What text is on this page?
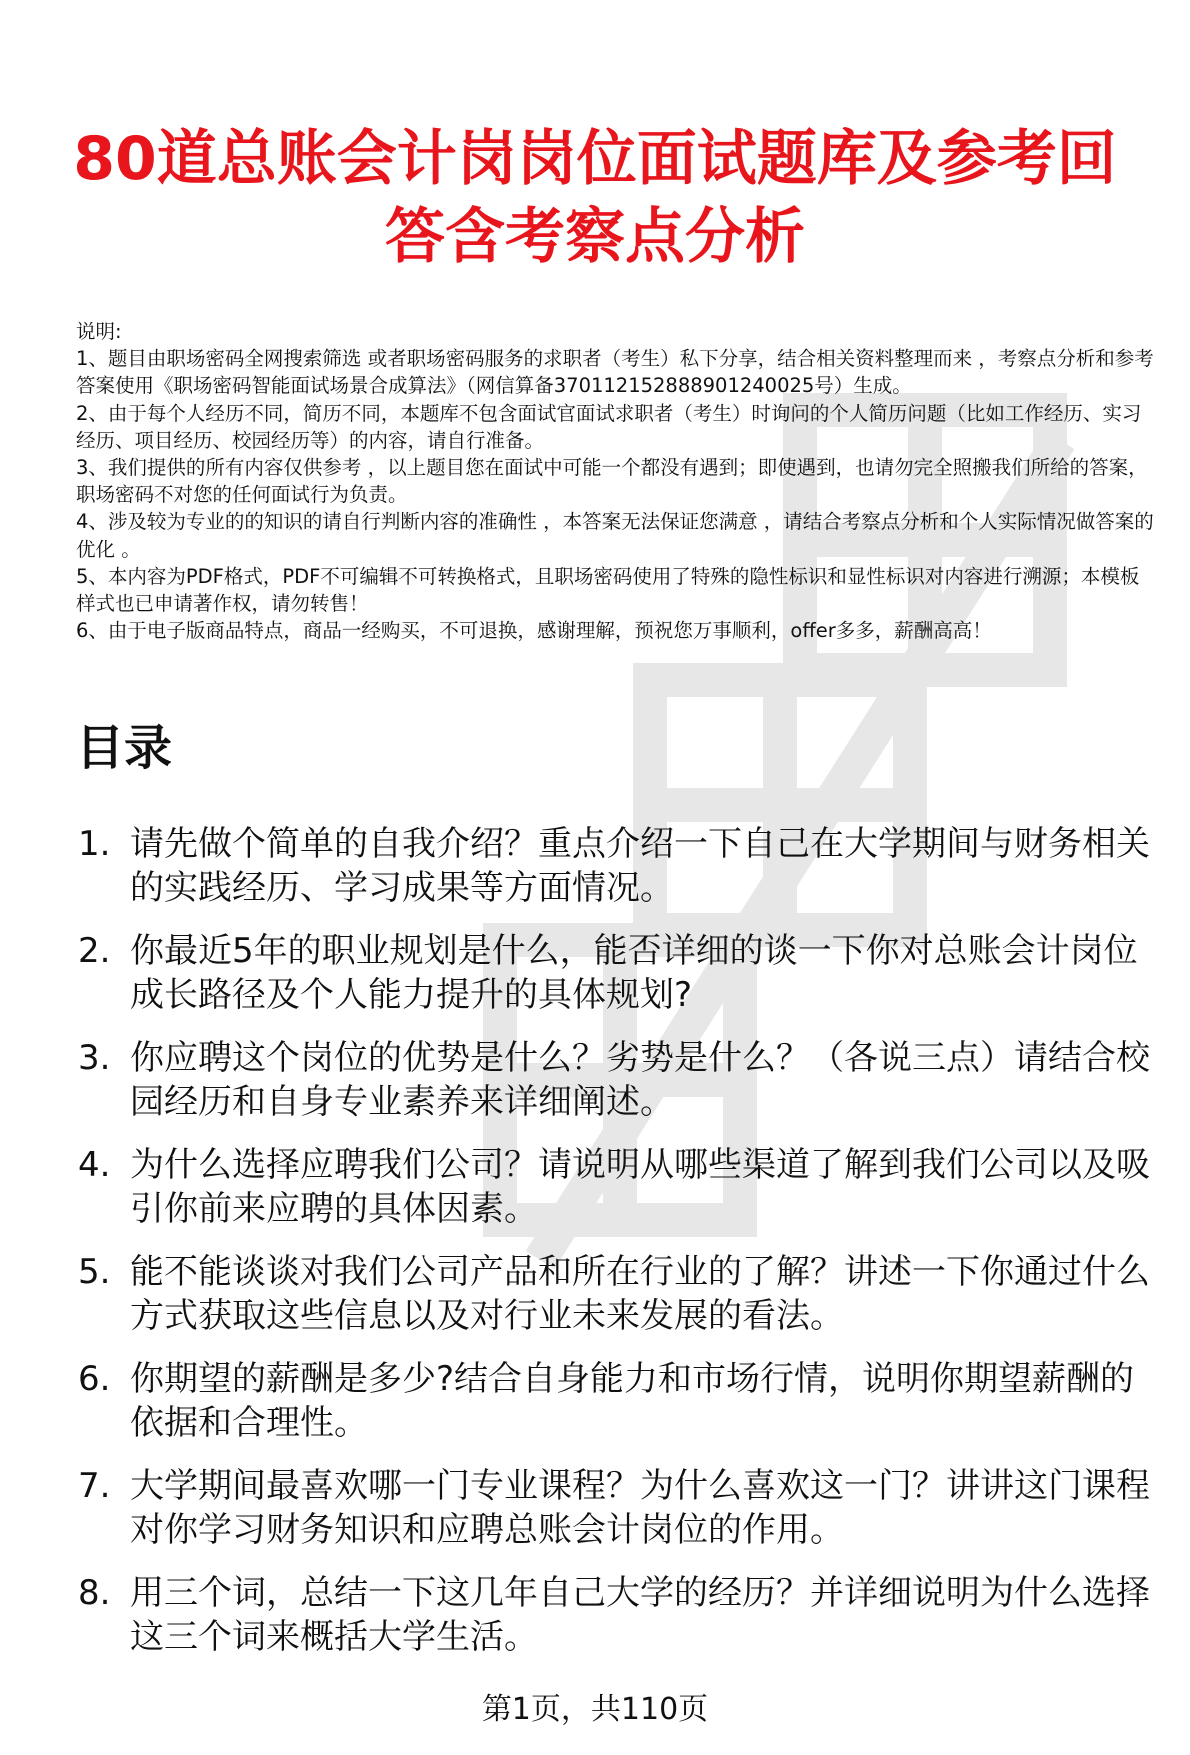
80道总账会计岗岗位面试题库及参考回答含考察点分析

说明:

1、题目由职场密码全网搜索筛选 或者职场密码服务的求职者（考生）私下分享，结合相关资料整理而来 ，考察点分析和参考答案使用《职场密码智能面试场景合成算法》（网信算备370112152888901240025号）生成。

2、由于每个人经历不同，简历不同，本题库不包含面试官面试求职者（考生）时询问的个人简历问题（比如工作经历、实习经历、项目经历、校园经历等）的内容，请自行准备。

3、我们提供的所有内容仅供参考 ，以上题目您在面试中可能一个都没有遇到；即使遇到，也请勿完全照搬我们所给的答案，职场密码不对您的任何面试行为负责。

4、涉及较为专业的的知识的请自行判断内容的准确性 ，本答案无法保证您满意 ，请结合考察点分析和个人实际情况做答案的优化 。

5、本内容为PDF格式，PDF不可编辑不可转换格式，且职场密码使用了特殊的隐性标识和显性标识对内容进行溯源；本模板样式也已申请著作权，请勿转售！

6、由于电子版商品特点，商品一经购买，不可退换，感谢理解，预祝您万事顺利，offer多多，薪酬高高！

目录
1. 请先做个简单的自我介绍？重点介绍一下自己在大学期间与财务相关的实践经历、学习成果等方面情况。
2. 你最近5年的职业规划是什么，能否详细的谈一下你对总账会计岗位成长路径及个人能力提升的具体规划?
3. 你应聘这个岗位的优势是什么？劣势是什么？（各说三点）请结合校园经历和自身专业素养来详细阐述。
4. 为什么选择应聘我们公司？请说明从哪些渠道了解到我们公司以及吸引你前来应聘的具体因素。
5. 能不能谈谈对我们公司产品和所在行业的了解？讲述一下你通过什么方式获取这些信息以及对行业未来发展的看法。
6. 你期望的薪酬是多少?结合自身能力和市场行情，说明你期望薪酬的依据和合理性。
7. 大学期间最喜欢哪一门专业课程？为什么喜欢这一门？讲讲这门课程对你学习财务知识和应聘总账会计岗位的作用。
8. 用三个词，总结一下这几年自己大学的经历？并详细说明为什么选择这三个词来概括大学生活。
第1页，共110页
